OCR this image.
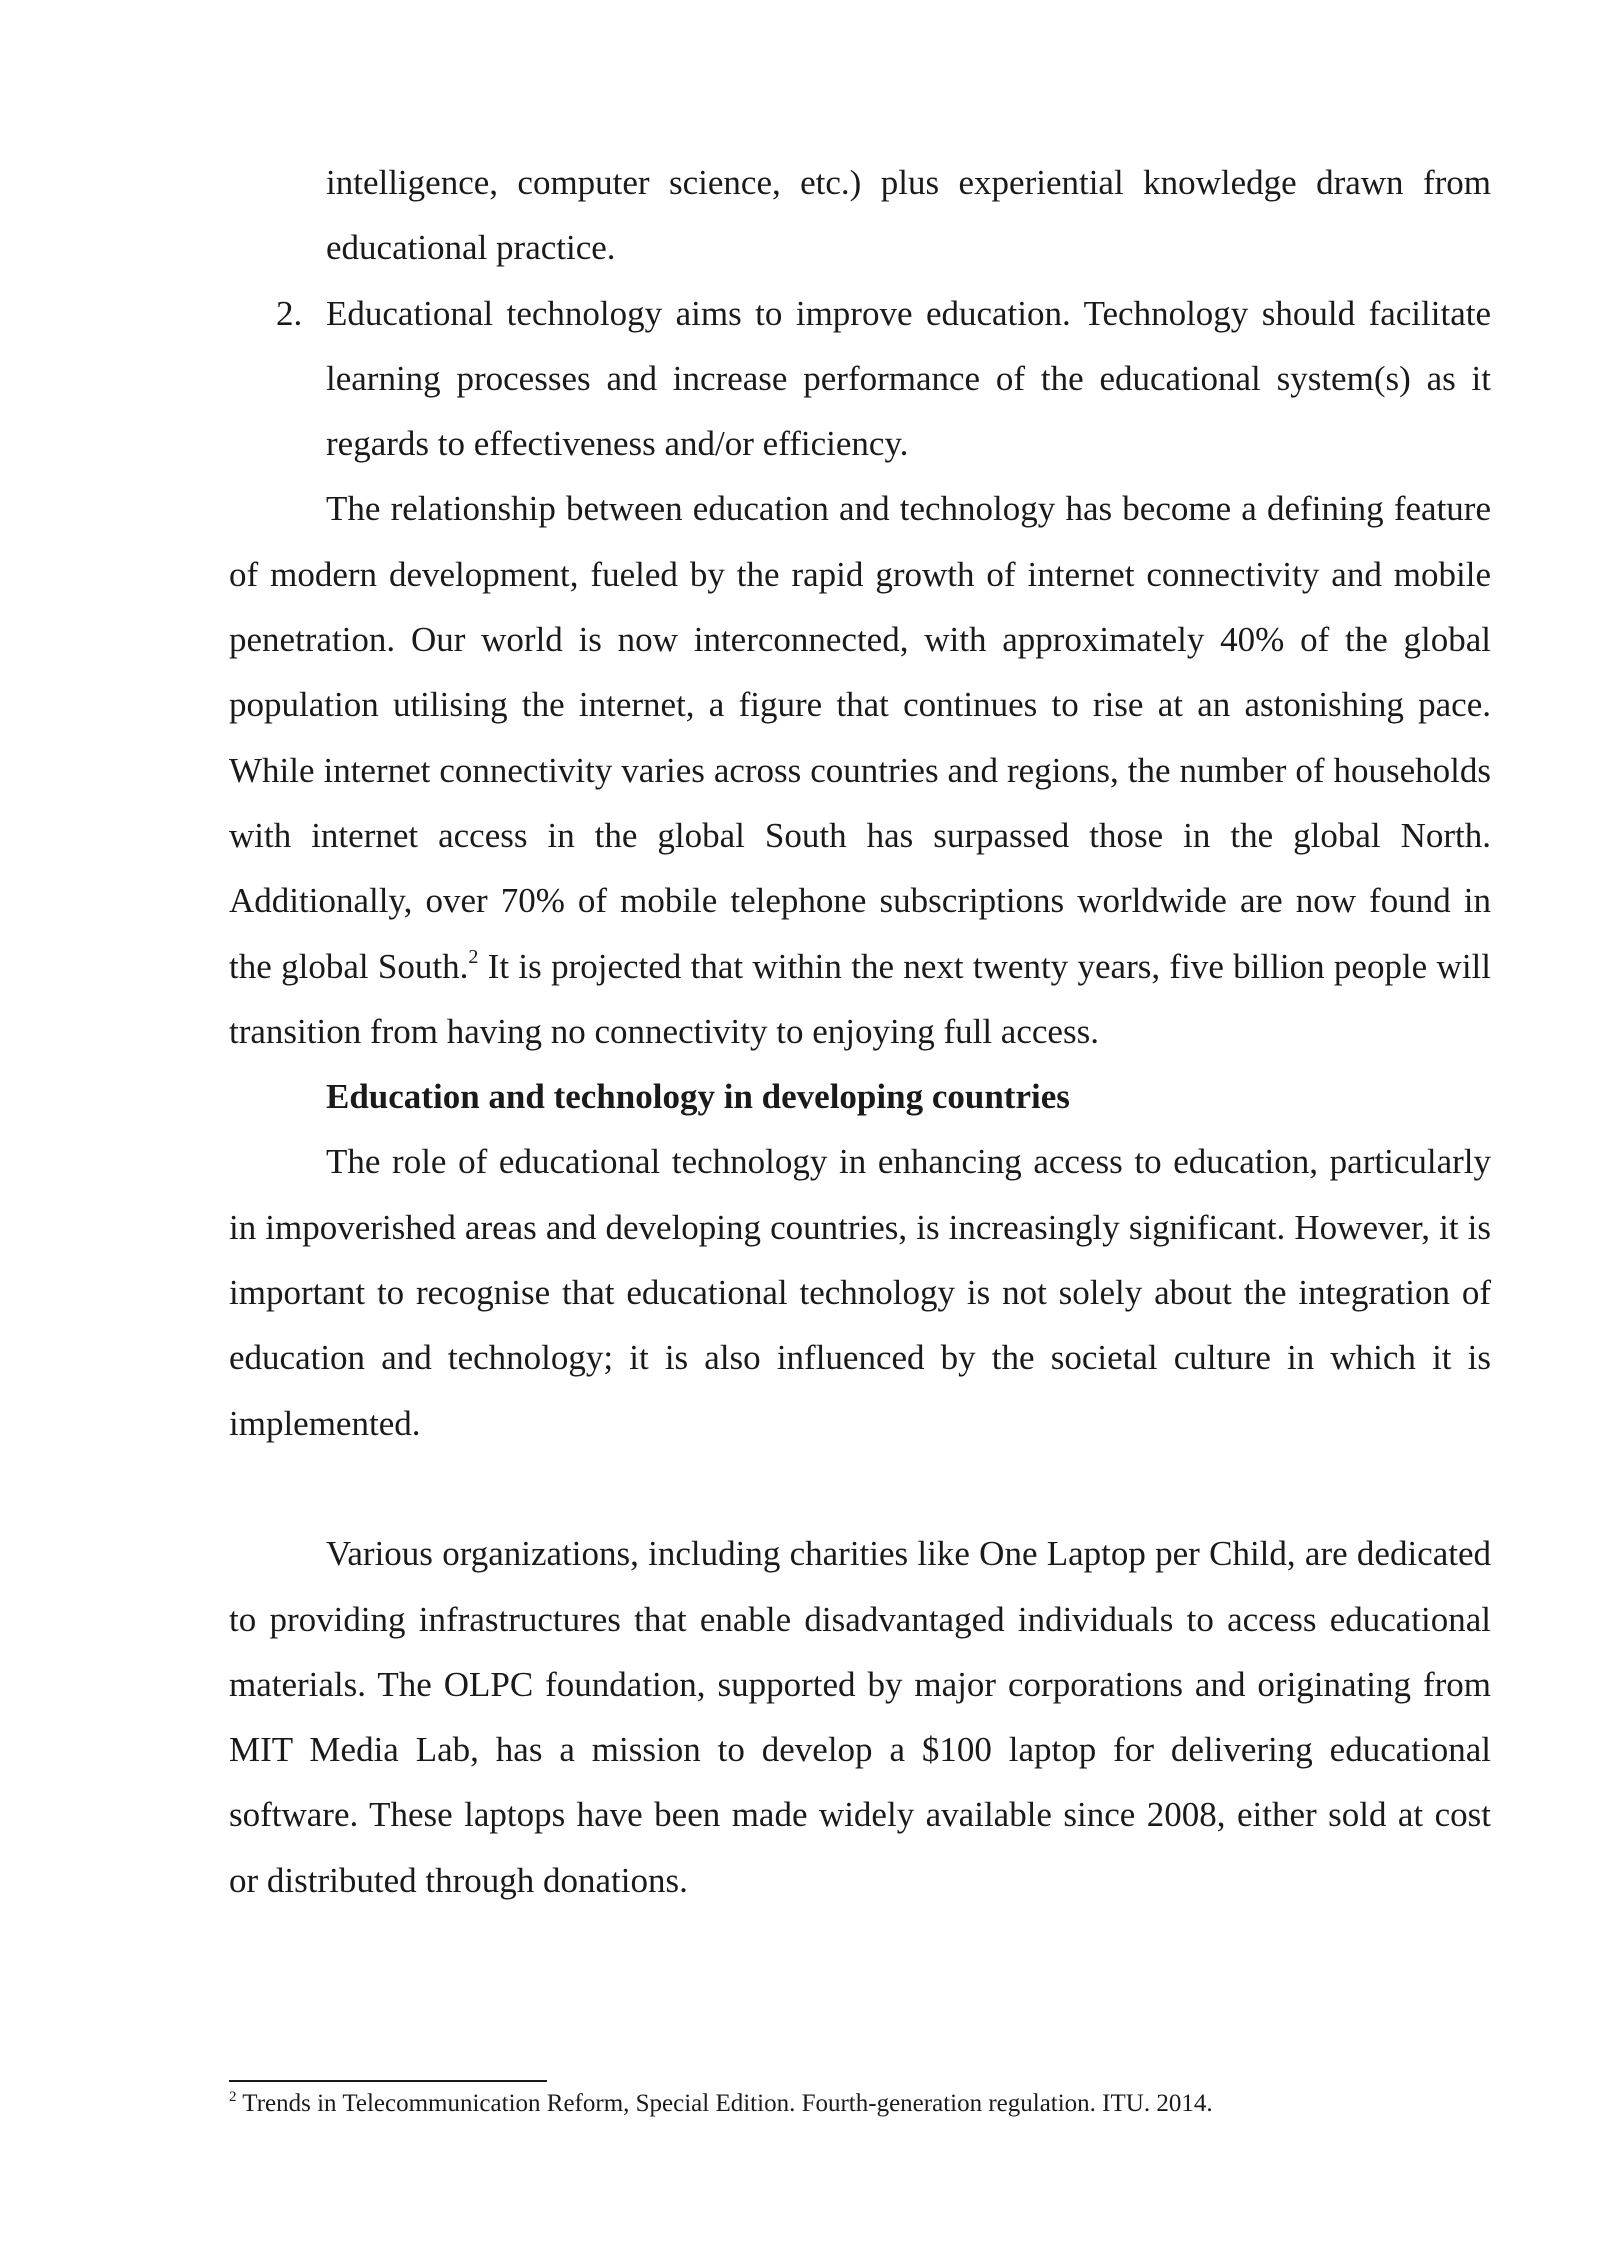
intelligence, computer science, etc.) plus experiential knowledge drawn from educational practice.

2. Educational technology aims to improve education. Technology should facilitate learning processes and increase performance of the educational system(s) as it regards to effectiveness and/or efficiency.

The relationship between education and technology has become a defining feature of modern development, fueled by the rapid growth of internet connectivity and mobile penetration. Our world is now interconnected, with approximately 40% of the global population utilising the internet, a figure that continues to rise at an astonishing pace. While internet connectivity varies across countries and regions, the number of households with internet access in the global South has surpassed those in the global North. Additionally, over 70% of mobile telephone subscriptions worldwide are now found in the global South.$^2$ It is projected that within the next twenty years, five billion people will transition from having no connectivity to enjoying full access.

Education and technology in developing countries

The role of educational technology in enhancing access to education, particularly in impoverished areas and developing countries, is increasingly significant. However, it is important to recognise that educational technology is not solely about the integration of education and technology; it is also influenced by the societal culture in which it is implemented.

Various organizations, including charities like One Laptop per Child, are dedicated to providing infrastructures that enable disadvantaged individuals to access educational materials. The OLPC foundation, supported by major corporations and originating from MIT Media Lab, has a mission to develop a $100 laptop for delivering educational software. These laptops have been made widely available since 2008, either sold at cost or distributed through donations.

$^2$ Trends in Telecommunication Reform, Special Edition. Fourth-generation regulation. ITU. 2014.
